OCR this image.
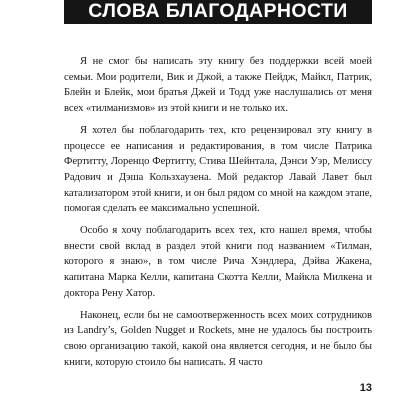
СЛОВА БЛАГОДАРНОСТИ

Я не смог бы написать эту книгу без поддержки всей моей семьи. Мои родители, Вик и Джой, а также Пейдж, Майкл, Патрик, Блейн и Блейк, мои братья Джей и Тодд уже наслушались от меня всех «тилманизмов» из этой книги и не только их.

Я хотел бы поблагодарить тех, кто рецензировал эту книгу в процессе ее написания и редактирования, в том числе Патрика Фертитту, Лоренцо Фертитту, Стива Шейнтала, Дэнси Уэр, Мелиссу Радович и Дэша Кользхаузена. Мой редактор Лавай Лавет был катализатором этой книги, и он был рядом со мной на каждом этапе, помогая сделать ее максимально успешной.

Особо я хочу поблагодарить всех тех, кто нашел время, чтобы внести свой вклад в раздел этой книги под названием «Тилман, которого я знаю», в том числе Рича Хэндлера, Дэйва Жакена, капитана Марка Келли, капитана Скотта Келли, Майкла Милкена и доктора Рену Хатор.

Наконец, если бы не самоотверженность всех моих сотрудников из Landry’s, Golden Nugget и Rockets, мне не удалось бы построить свою организацию такой, какой она является сегодня, и не было бы книги, которую стоило бы написать. Я часто

13
